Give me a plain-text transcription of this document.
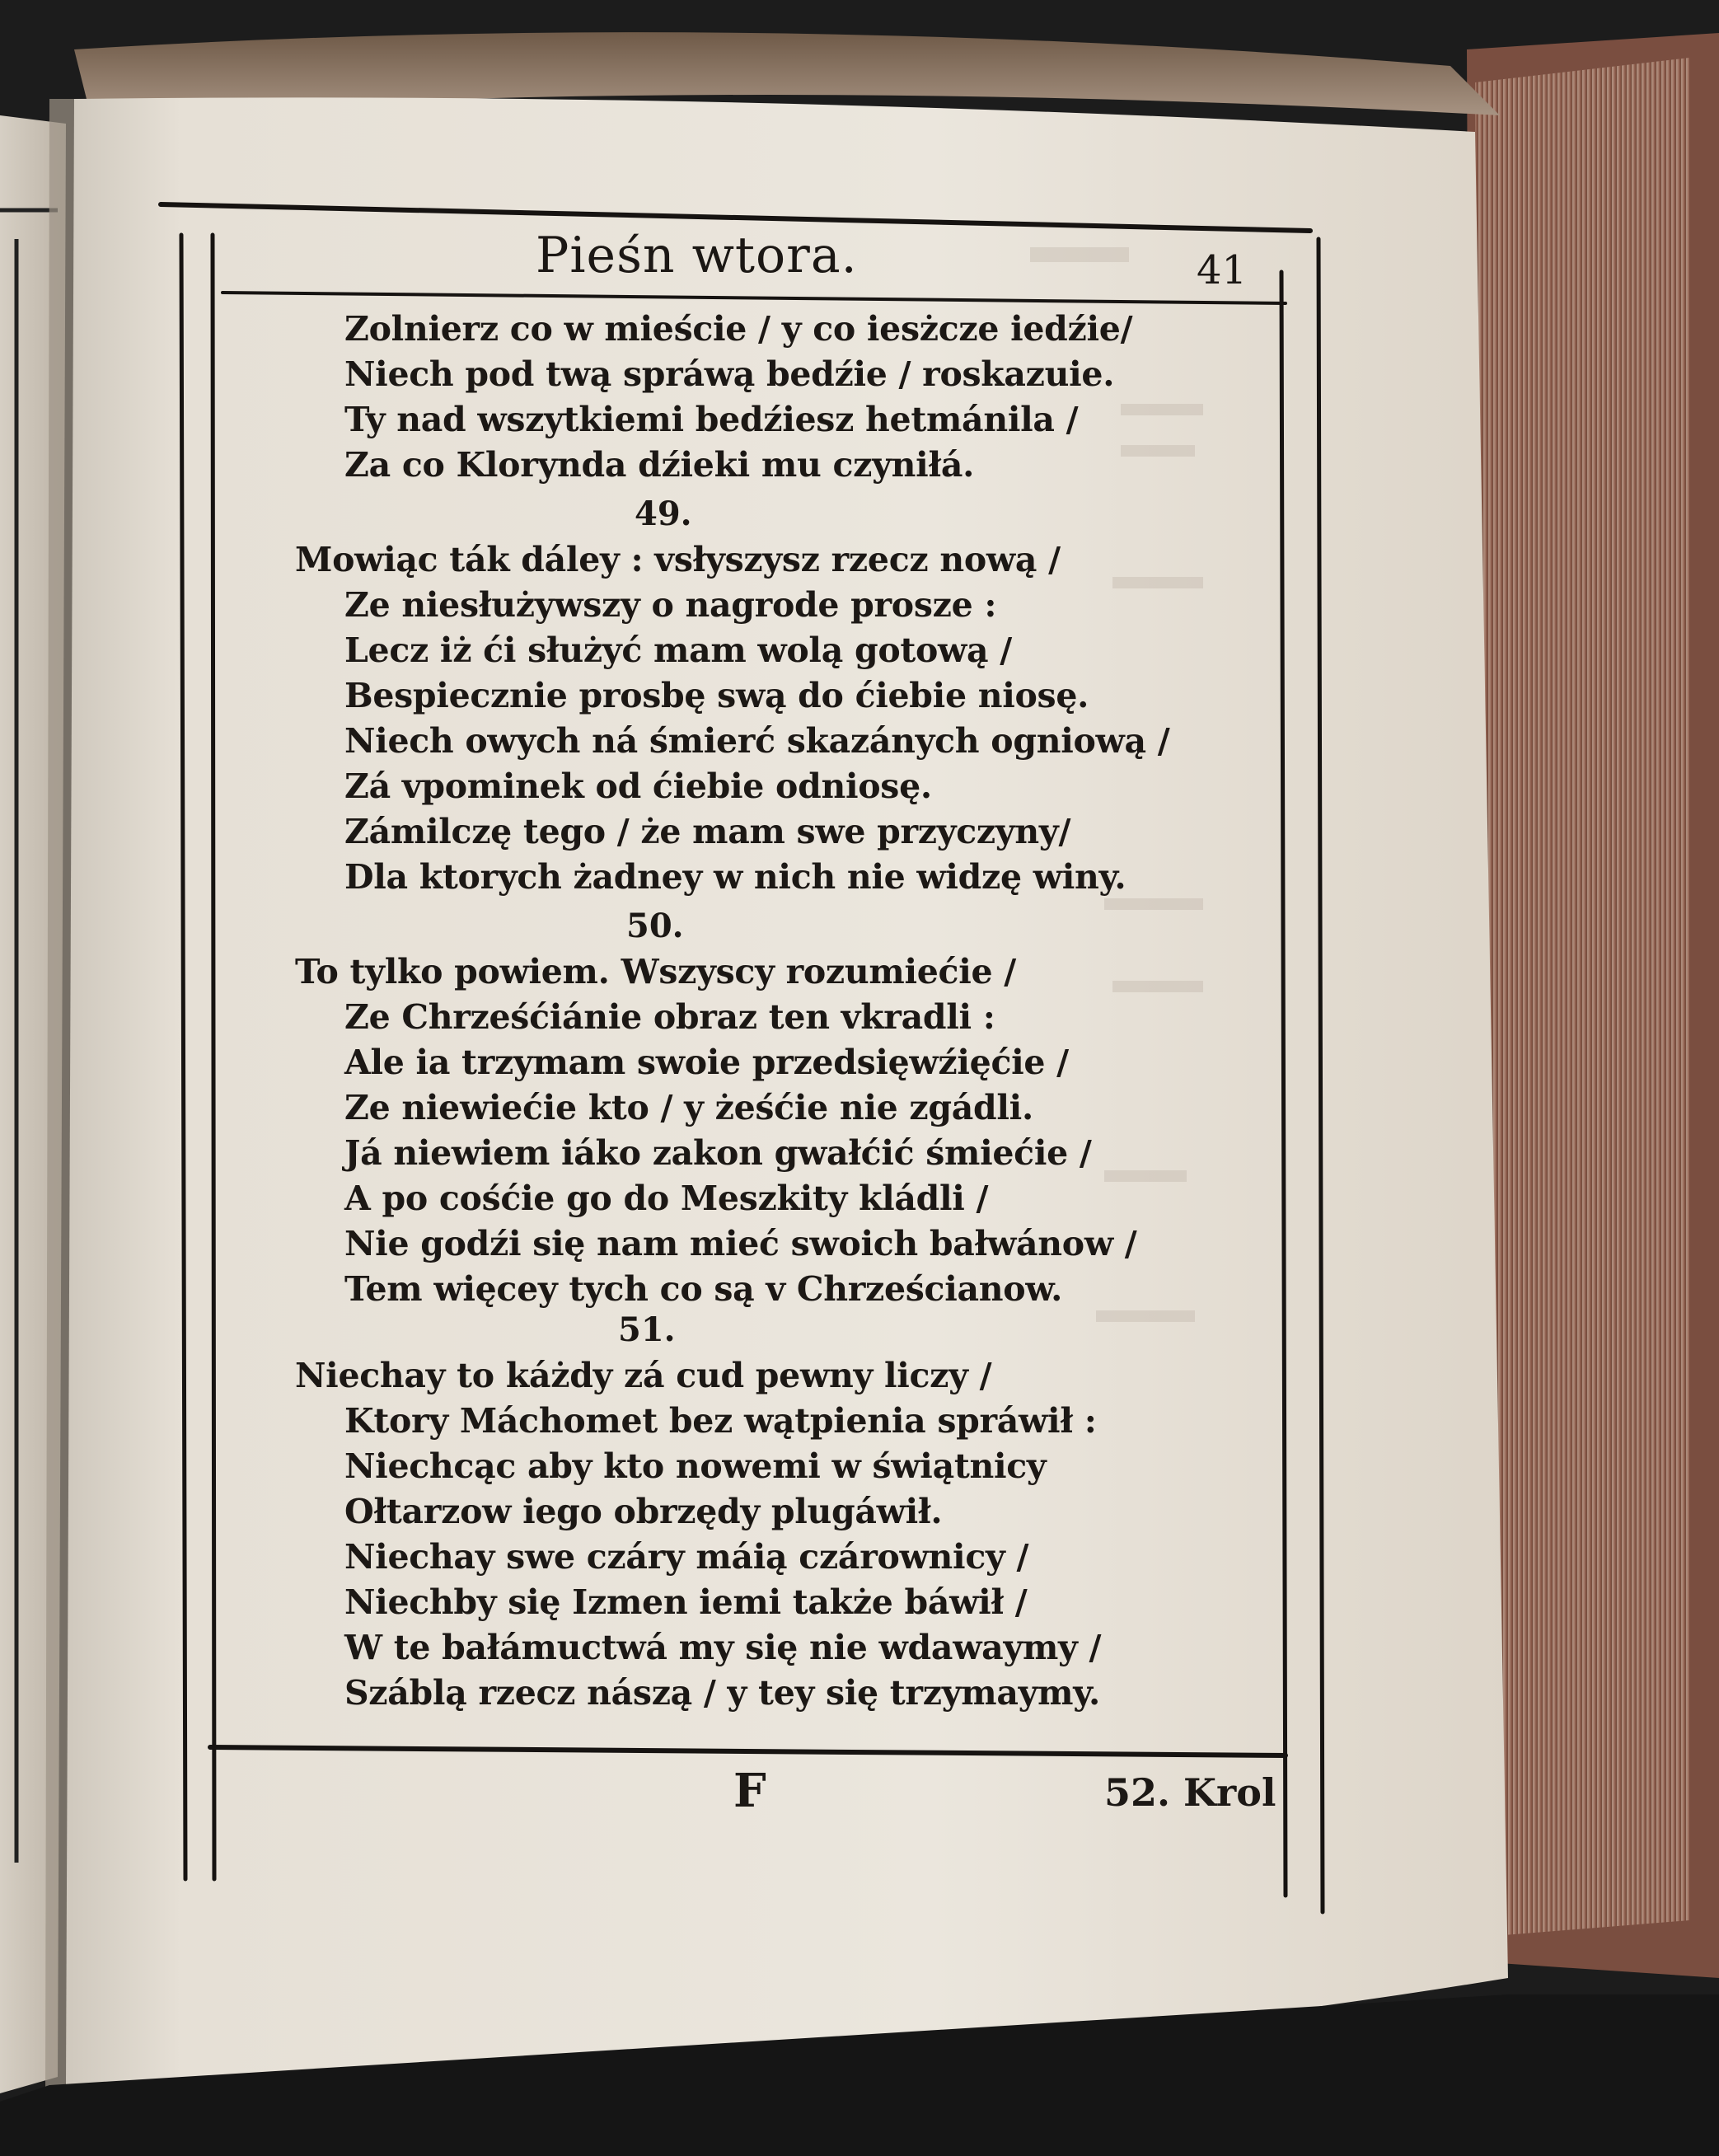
Pieśn wtora.	41
Zolnierz co w mieście / y co iesżcze iedźie/
Niech pod twą spráwą bedźie / roskazuie.
Ty nad wszytkiemi bedźiesz hetmánila /
Za co Klorynda dźieki mu czyniłá.
49.
Mowiąc ták dáley : vsłyszysz rzecz nową /
Ze niesłużywszy o nagrode prosze :
Lecz iż ći służyć mam wolą gotową /
Bespiecznie prosbę swą do ćiebie niosę.
Niech owych ná śmierć skazánych ogniową /
Zá vpominek od ćiebie odniosę.
Zámilczę tego / że mam swe przyczyny/
Dla ktorych żadney w nich nie widzę winy.
50.
To tylko powiem. Wszyscy rozumiećie /
Ze Chrześćiánie obraz ten vkradli :
Ale ia trzymam swoie przedsięwźięćie /
Ze niewiećie kto / y żeśćie nie zgádli.
Já niewiem iáko zakon gwałćić śmiećie /
A po cośćie go do Meszkity kládli /
Nie godźi się nam mieć swoich bałwánow /
Tem więcey tych co są v Chrześcianow.
51.
Niechay to káżdy zá cud pewny liczy /
Ktory Máchomet bez wątpienia spráwił :
Niechcąc aby kto nowemi w świątnicy
Ołtarzow iego obrzędy plugáwił.
Niechay swe czáry máią czárownicy /
Niechby się Izmen iemi także báwił /
W te bałámuctwá my się nie wdawaymy /
Száblą rzecz nászą / y tey się trzymaymy.
F	52. Krol
